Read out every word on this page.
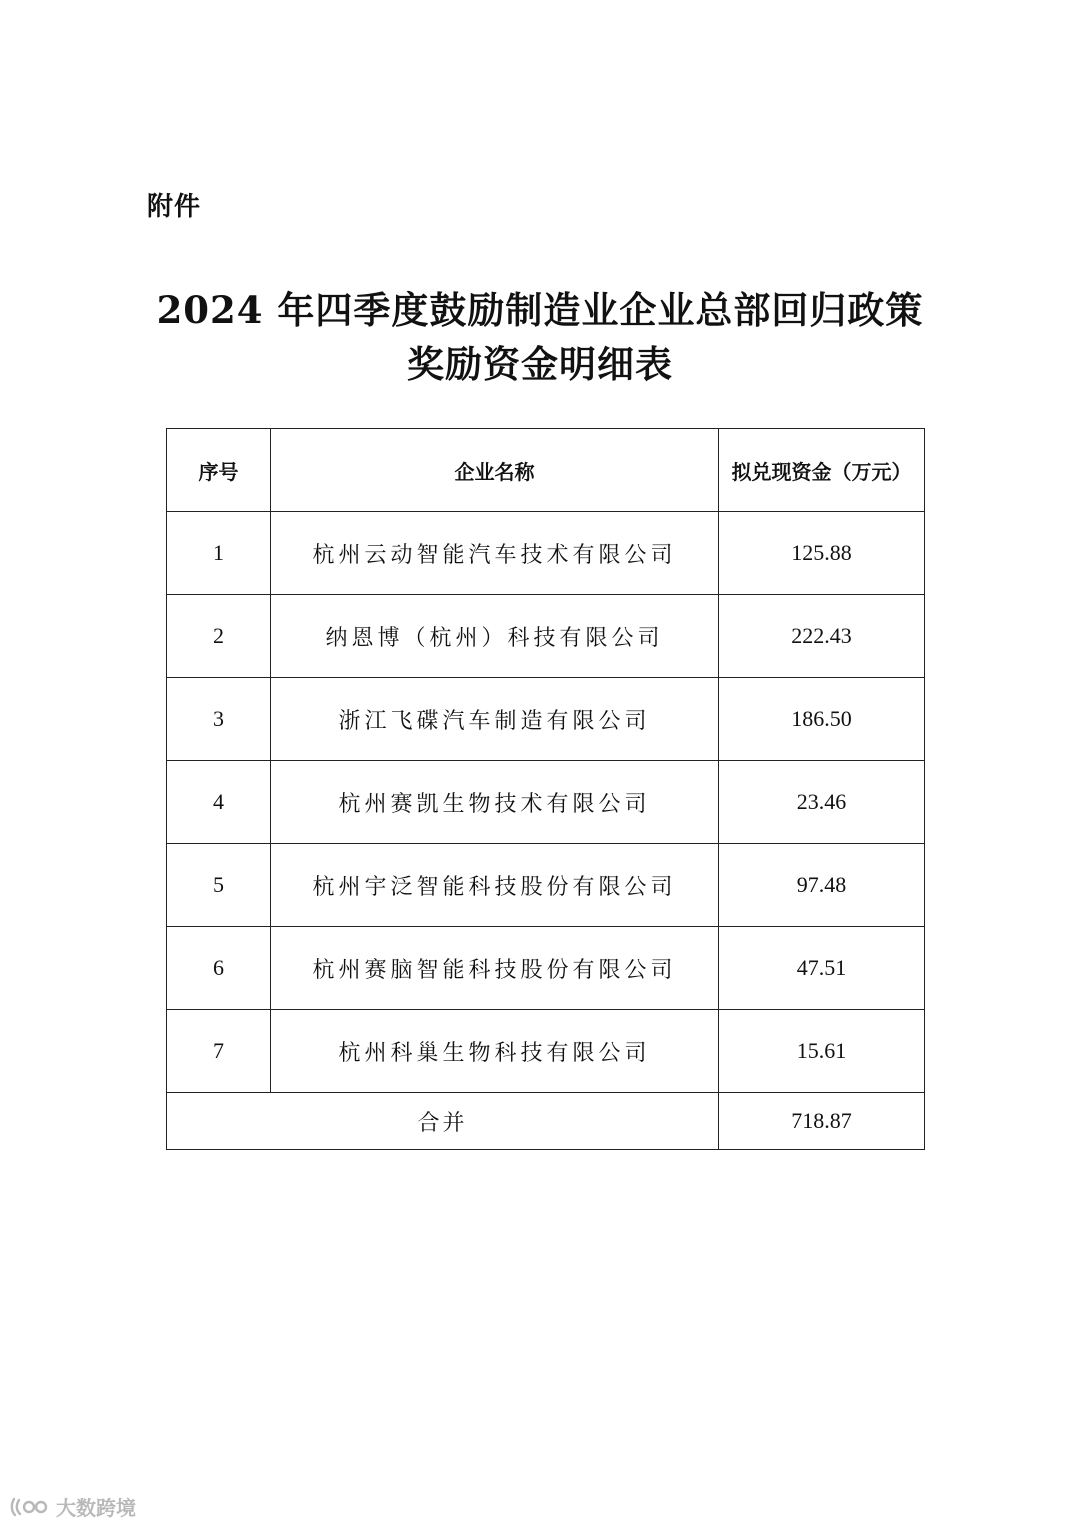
附件
2024 年四季度鼓励制造业企业总部回归政策
奖励资金明细表
序号	企业名称	拟兑现资金（万元）
1	杭州云动智能汽车技术有限公司	125.88
2	纳恩博（杭州）科技有限公司	222.43
3	浙江飞碟汽车制造有限公司	186.50
4	杭州赛凯生物技术有限公司	23.46
5	杭州宇泛智能科技股份有限公司	97.48
6	杭州赛脑智能科技股份有限公司	47.51
7	杭州科巢生物科技有限公司	15.61
合并		718.87
大数跨境
